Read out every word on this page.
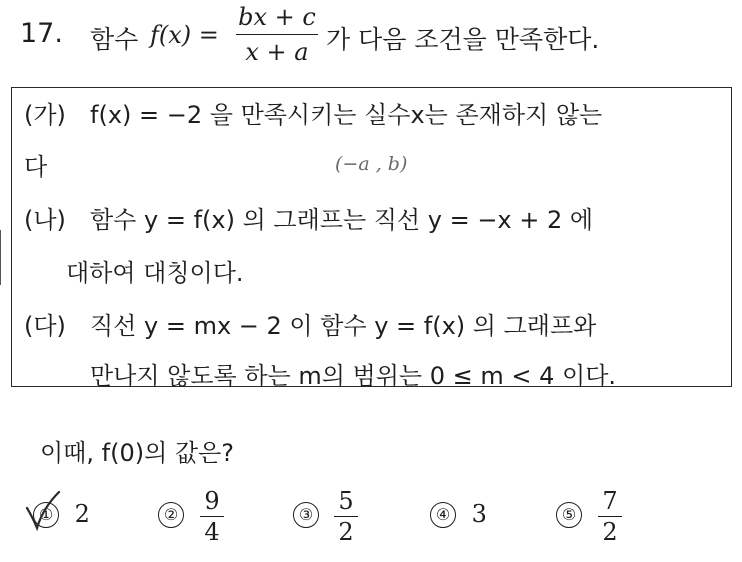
17. 함수 f(x) =
bx + c
x + a 가 다음 조건을 만족한다.
(가) f(x) = −2 을 만족시키는 실수x는 존재하지 않는
다	(−a , b)
(나) 함수 y = f(x) 의 그래프는 직선 y = −x + 2 에
대하여 대칭이다.
(다) 직선 y = mx − 2 이 함수 y = f(x) 의 그래프와
만나지 않도록 하는 m의 범위는 0 ≤ m < 4 이다.
이때, f(0)의 값은?
① 2	② 9
4
③ 5
2
④ 3	⑤ 7
2
